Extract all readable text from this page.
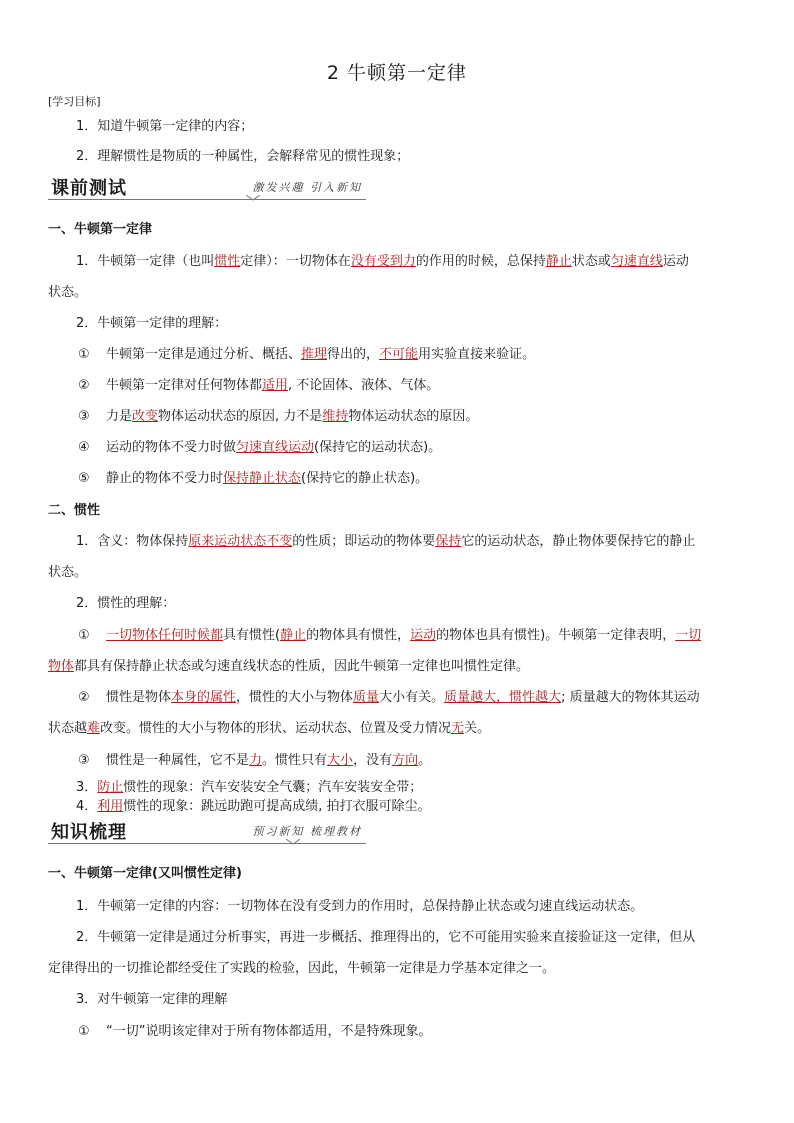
2 牛顿第一定律
[学习目标]
1．知道牛顿第一定律的内容；
2．理解惯性是物质的一种属性，会解释常见的惯性现象；
课前测试	激发兴趣 引入新知
一、牛顿第一定律
1．牛顿第一定律（也叫惯性定律）：一切物体在没有受到力的作用的时候，总保持静止状态或匀速直线运动
状态。
2．牛顿第一定律的理解：
① 牛顿第一定律是通过分析、概括、推理得出的，不可能用实验直接来验证。
② 牛顿第一定律对任何物体都适用, 不论固体、液体、气体。
③ 力是改变物体运动状态的原因, 力不是维持物体运动状态的原因。
④ 运动的物体不受力时做匀速直线运动(保持它的运动状态)。
⑤ 静止的物体不受力时保持静止状态(保持它的静止状态)。
二、惯性
1．含义：物体保持原来运动状态不变的性质；即运动的物体要保持它的运动状态，静止物体要保持它的静止
状态。
2．惯性的理解：
① 一切物体任何时候都具有惯性(静止的物体具有惯性，运动的物体也具有惯性)。牛顿第一定律表明，一切
物体都具有保持静止状态或匀速直线状态的性质，因此牛顿第一定律也叫惯性定律。
② 惯性是物体本身的属性，惯性的大小与物体质量大小有关。质量越大，惯性越大; 质量越大的物体其运动
状态越难改变。惯性的大小与物体的形状、运动状态、位置及受力情况无关。
③ 惯性是一种属性，它不是力。惯性只有大小，没有方向。
3．防止惯性的现象：汽车安装安全气囊；汽车安装安全带；
4．利用惯性的现象：跳远助跑可提高成绩, 拍打衣服可除尘。
知识梳理	预习新知 梳理教材
一、牛顿第一定律(又叫惯性定律)
1．牛顿第一定律的内容：一切物体在没有受到力的作用时，总保持静止状态或匀速直线运动状态。
2．牛顿第一定律是通过分析事实，再进一步概括、推理得出的，它不可能用实验来直接验证这一定律，但从
定律得出的一切推论都经受住了实践的检验，因此，牛顿第一定律是力学基本定律之一。
3．对牛顿第一定律的理解
① “一切”说明该定律对于所有物体都适用，不是特殊现象。
